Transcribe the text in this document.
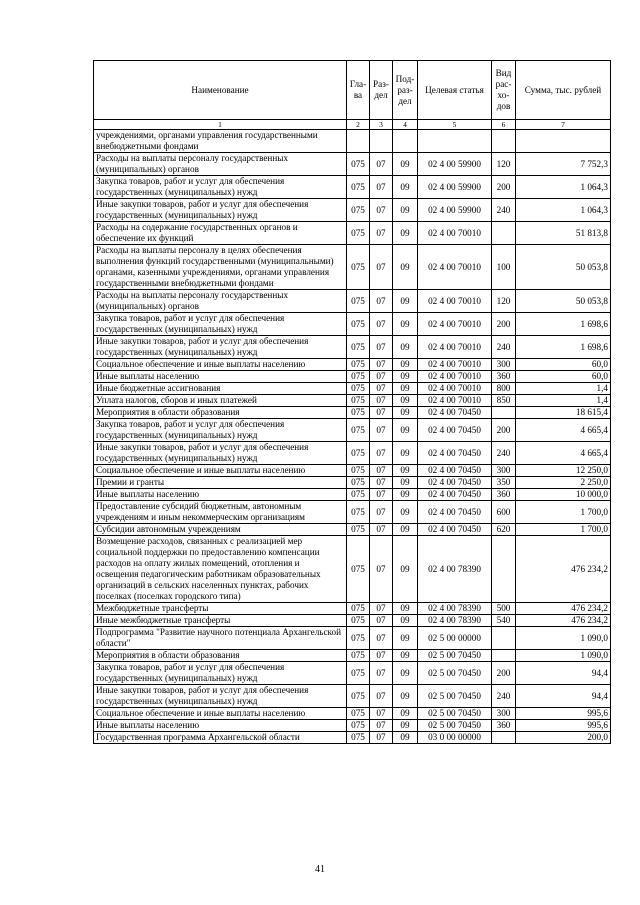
Наименование	Гла-ва	Раз-дел	Под-раз-дел	Целевая статья	Вид рас-хо-дов	Сумма, тыс. рублей
1	2	3	4	5	6	7
учреждениями, органами управления государственными внебюджетными фондами						
Расходы на выплаты персоналу государственных (муниципальных) органов	075	07	09	02 4 00 59900	120	7 752,3
Закупка товаров, работ и услуг для обеспечения государственных (муниципальных) нужд	075	07	09	02 4 00 59900	200	1 064,3
Иные закупки товаров, работ и услуг для обеспечения государственных (муниципальных) нужд	075	07	09	02 4 00 59900	240	1 064,3
Расходы на содержание государственных органов и обеспечение их функций	075	07	09	02 4 00 70010		51 813,8
Расходы на выплаты персоналу в целях обеспечения выполнения функций государственными (муниципальными) органами, казенными учреждениями, органами управления государственными внебюджетными фондами	075	07	09	02 4 00 70010	100	50 053,8
Расходы на выплаты персоналу государственных (муниципальных) органов	075	07	09	02 4 00 70010	120	50 053,8
Закупка товаров, работ и услуг для обеспечения государственных (муниципальных) нужд	075	07	09	02 4 00 70010	200	1 698,6
Иные закупки товаров, работ и услуг для обеспечения государственных (муниципальных) нужд	075	07	09	02 4 00 70010	240	1 698,6
Социальное обеспечение и иные выплаты населению	075	07	09	02 4 00 70010	300	60,0
Иные выплаты населению	075	07	09	02 4 00 70010	360	60,0
Иные бюджетные ассигнования	075	07	09	02 4 00 70010	800	1,4
Уплата налогов, сборов и иных платежей	075	07	09	02 4 00 70010	850	1,4
Мероприятия в области образования	075	07	09	02 4 00 70450		18 615,4
Закупка товаров, работ и услуг для обеспечения государственных (муниципальных) нужд	075	07	09	02 4 00 70450	200	4 665,4
Иные закупки товаров, работ и услуг для обеспечения государственных (муниципальных) нужд	075	07	09	02 4 00 70450	240	4 665,4
Социальное обеспечение и иные выплаты населению	075	07	09	02 4 00 70450	300	12 250,0
Премии и гранты	075	07	09	02 4 00 70450	350	2 250,0
Иные выплаты населению	075	07	09	02 4 00 70450	360	10 000,0
Предоставление субсидий бюджетным, автономным учреждениям и иным некоммерческим организациям	075	07	09	02 4 00 70450	600	1 700,0
Субсидии автономным учреждениям	075	07	09	02 4 00 70450	620	1 700,0
Возмещение расходов, связанных с реализацией мер социальной поддержки по предоставлению компенсации расходов на оплату жилых помещений, отопления и освещения педагогическим работникам образовательных организаций в сельских населенных пунктах, рабочих поселках (поселках городского типа)	075	07	09	02 4 00 78390		476 234,2
Межбюджетные трансферты	075	07	09	02 4 00 78390	500	476 234,2
Иные межбюджетные трансферты	075	07	09	02 4 00 78390	540	476 234,2
Подпрограмма "Развитие научного потенциала Архангельской области"	075	07	09	02 5 00 00000		1 090,0
Мероприятия в области образования	075	07	09	02 5 00 70450		1 090,0
Закупка товаров, работ и услуг для обеспечения государственных (муниципальных) нужд	075	07	09	02 5 00 70450	200	94,4
Иные закупки товаров, работ и услуг для обеспечения государственных (муниципальных) нужд	075	07	09	02 5 00 70450	240	94,4
Социальное обеспечение и иные выплаты населению	075	07	09	02 5 00 70450	300	995,6
Иные выплаты населению	075	07	09	02 5 00 70450	360	995,6
Государственная программа Архангельской области	075	07	09	03 0 00 00000		200,0
41
